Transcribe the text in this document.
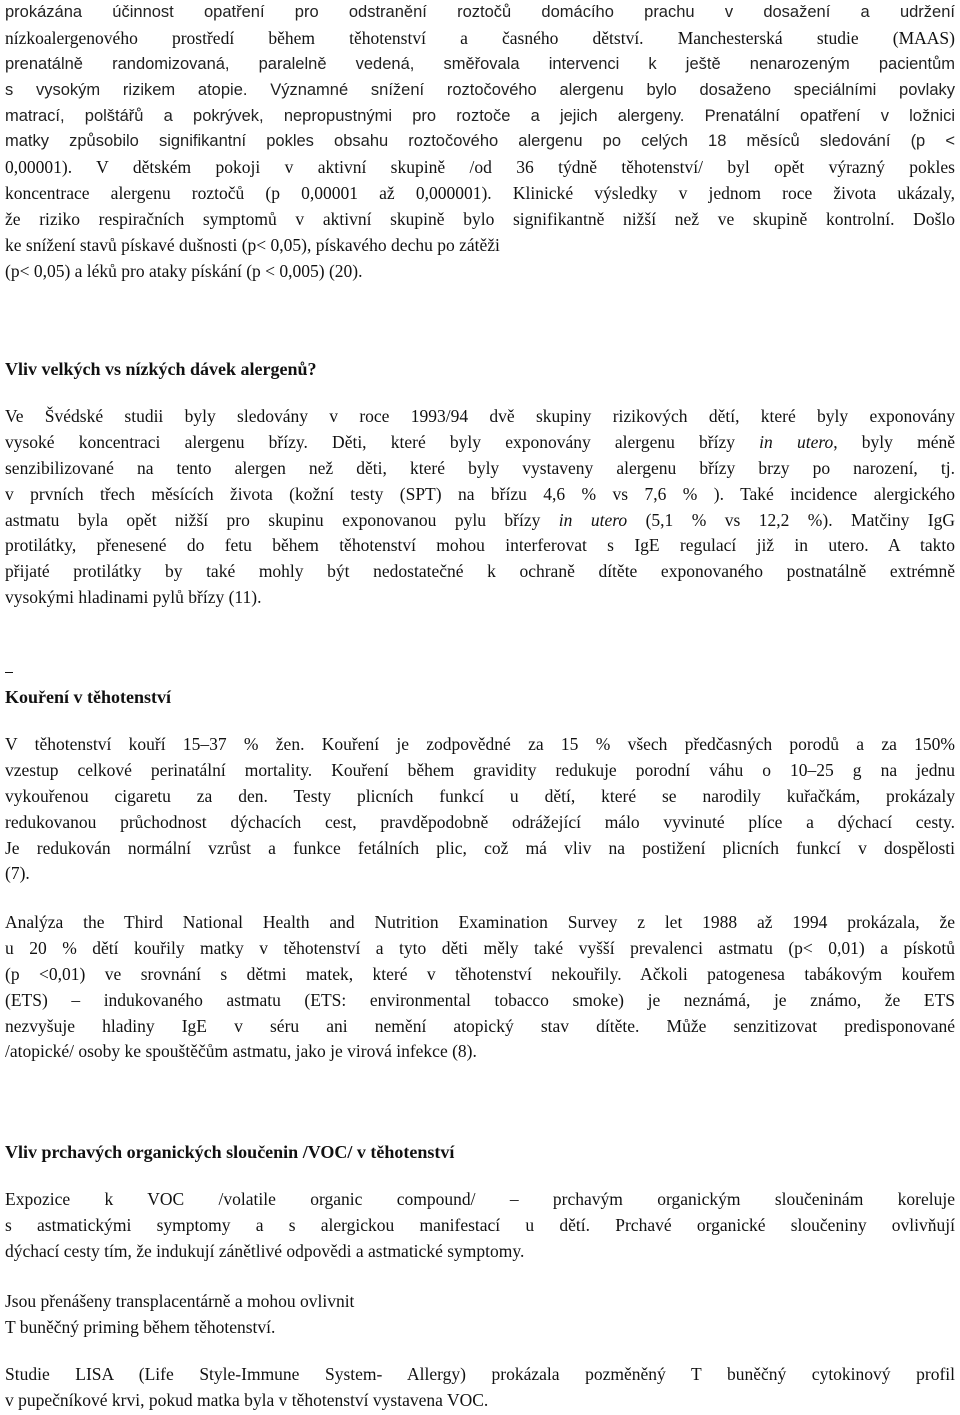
prokázána účinnost opatření pro odstranění roztočů domácího prachu v dosažení a udržení
nízkoalergenového prostředí během těhotenství a časného dětství. Manchesterská studie (MAAS)
prenatálně randomizovaná, paralelně vedená, směřovala intervenci k ještě nenarozeným pacientům
s vysokým rizikem atopie. Významné snížení roztočového alergenu bylo dosaženo speciálními povlaky
matrací, polštářů a pokrývek, nepropustnými pro roztoče a jejich alergeny. Prenatální opatření v ložnici
matky způsobilo signifikantní pokles obsahu roztočového alergenu po celých 18 měsíců sledování (p <
0,00001). V dětském pokoji v aktivní skupině /od 36 týdně těhotenství/ byl opět výrazný pokles
koncentrace alergenu roztočů (p 0,00001 až 0,000001). Klinické výsledky v jednom roce života ukázaly,
že riziko respiračních symptomů v aktivní skupině bylo signifikantně nižší než ve skupině kontrolní. Došlo
ke snížení stavů pískavé dušnosti (p< 0,05), pískavého dechu po zátěži
(p< 0,05) a léků pro ataky pískání (p < 0,005) (20).
Vliv velkých vs nízkých dávek alergenů?
Ve Švédské studii byly sledovány v roce 1993/94 dvě skupiny rizikových dětí, které byly exponovány
vysoké koncentraci alergenu břízy. Děti, které byly exponovány alergenu břízy in utero, byly méně
senzibilizované na tento alergen než děti, které byly vystaveny alergenu břízy brzy po narození, tj.
v prvních třech měsících života (kožní testy (SPT) na břízu 4,6 % vs 7,6 % ). Také incidence alergického
astmatu byla opět nižší pro skupinu exponovanou pylu břízy in utero (5,1 % vs 12,2 %). Matčiny IgG
protilátky, přenesené do fetu během těhotenství mohou interferovat s IgE regulací již in utero. A takto
přijaté protilátky by také mohly být nedostatečné k ochraně dítěte exponovaného postnatálně extrémně
vysokými hladinami pylů břízy (11).
Kouření v těhotenství
V těhotenství kouří 15–37 % žen. Kouření je zodpovědné za 15 % všech předčasných porodů a za 150%
vzestup celkové perinatální mortality. Kouření během gravidity redukuje porodní váhu o 10–25 g na jednu
vykouřenou cigaretu za den. Testy plicních funkcí u dětí, které se narodily kuřačkám, prokázaly
redukovanou průchodnost dýchacích cest, pravděpodobně odrážející málo vyvinuté plíce a dýchací cesty.
Je redukován normální vzrůst a funkce fetálních plic, což má vliv na postižení plicních funkcí v dospělosti
(7).
Analýza the Third National Health and Nutrition Examination Survey z let 1988 až 1994 prokázala, že
u 20 % dětí kouřily matky v těhotenství a tyto děti měly také vyšší prevalenci astmatu (p< 0,01) a pískotů
(p <0,01) ve srovnání s dětmi matek, které v těhotenství nekouřily. Ačkoli patogenesa tabákovým kouřem
(ETS) – indukovaného astmatu (ETS: environmental tobacco smoke) je neznámá, je známo, že ETS
nezvyšuje hladiny IgE v séru ani nemění atopický stav dítěte. Může senzitizovat predisponované
/atopické/ osoby ke spouštěčům astmatu, jako je virová infekce (8).
Vliv prchavých organických sloučenin /VOC/ v těhotenství
Expozice k VOC /volatile organic compound/ – prchavým organickým sloučeninám koreluje
s astmatickými symptomy a s alergickou manifestací u dětí. Prchavé organické sloučeniny ovlivňují
dýchací cesty tím, že indukují zánětlivé odpovědi a astmatické symptomy.
Jsou přenášeny transplacentárně a mohou ovlivnit
T buněčný priming během těhotenství.
Studie LISA (Life Style-Immune System- Allergy) prokázala pozměněný T buněčný cytokinový profil
v pupečníkové krvi, pokud matka byla v těhotenství vystavena VOC.
